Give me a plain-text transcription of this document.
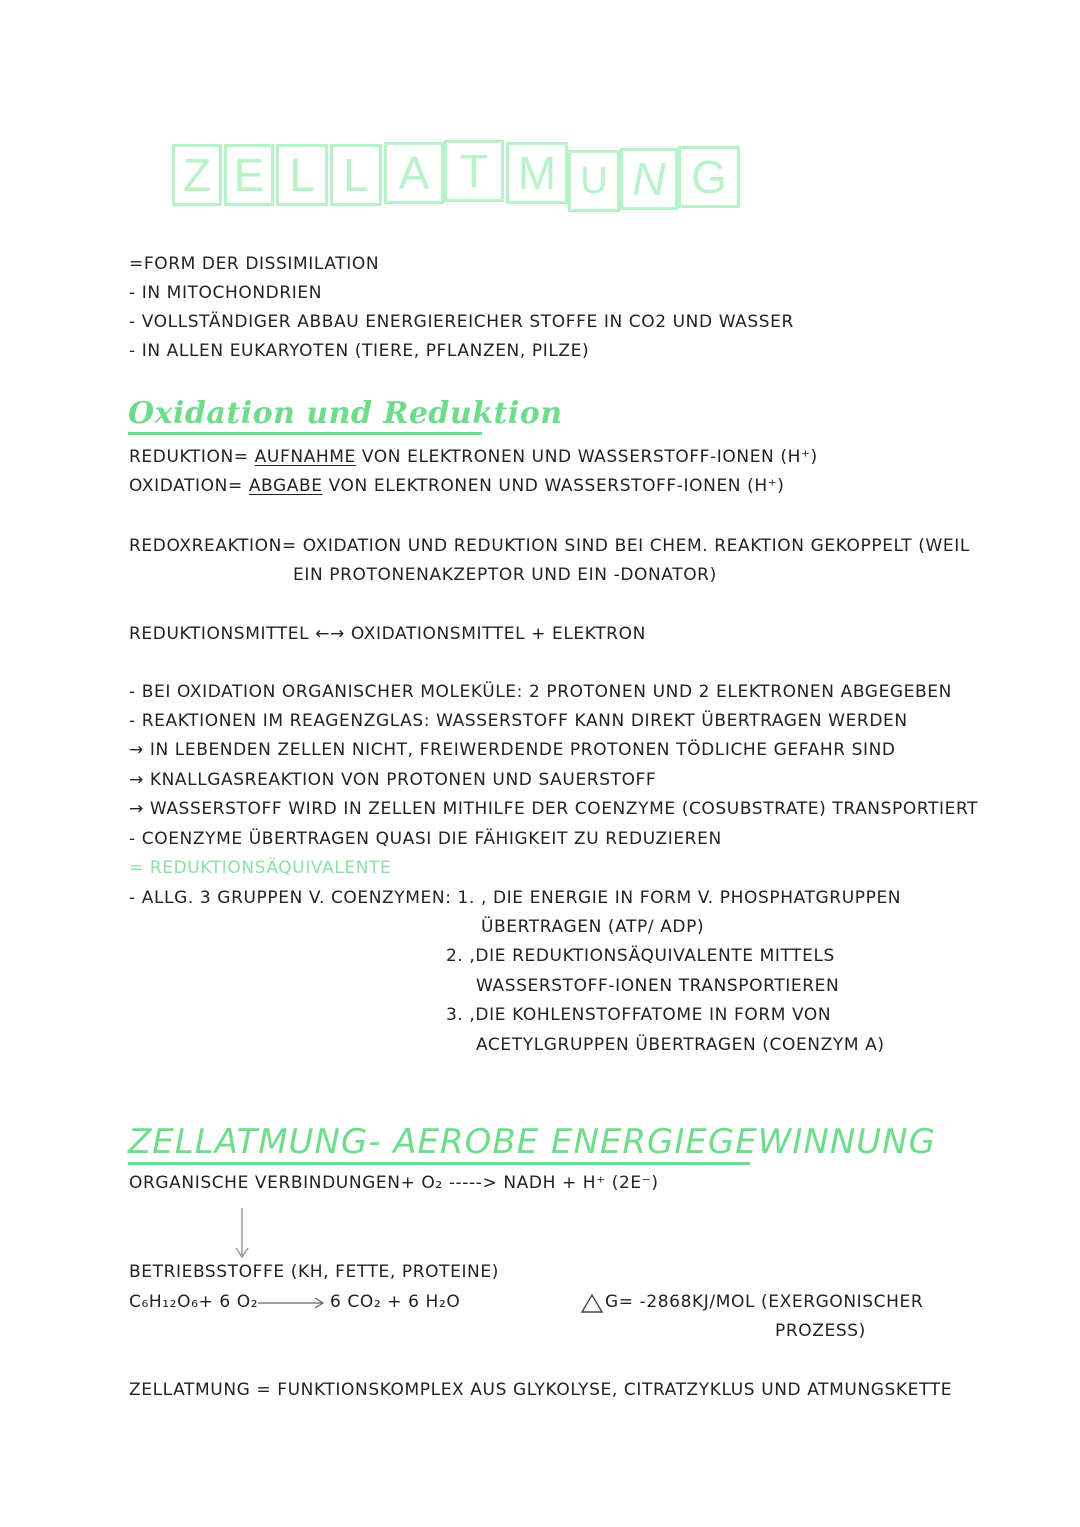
Z E L L A T M U N G
=FORM DER DISSIMILATION
- IN MITOCHONDRIEN
- VOLLSTÄNDIGER ABBAU ENERGIEREICHER STOFFE IN CO2 UND WASSER
- IN ALLEN EUKARYOTEN (TIERE, PFLANZEN, PILZE)
Oxidation und Reduktion
REDUKTION= AUFNAHME VON ELEKTRONEN UND WASSERSTOFF-IONEN (H⁺)
OXIDATION= ABGABE VON ELEKTRONEN UND WASSERSTOFF-IONEN (H⁺)
REDOXREAKTION= OXIDATION UND REDUKTION SIND BEI CHEM. REAKTION GEKOPPELT (WEIL
EIN PROTONENAKZEPTOR UND EIN -DONATOR)
REDUKTIONSMITTEL ←→ OXIDATIONSMITTEL + ELEKTRON
- BEI OXIDATION ORGANISCHER MOLEKÜLE: 2 PROTONEN UND 2 ELEKTRONEN ABGEGEBEN
- REAKTIONEN IM REAGENZGLAS: WASSERSTOFF KANN DIREKT ÜBERTRAGEN WERDEN
→ IN LEBENDEN ZELLEN NICHT, FREIWERDENDE PROTONEN TÖDLICHE GEFAHR SIND
→ KNALLGASREAKTION VON PROTONEN UND SAUERSTOFF
→ WASSERSTOFF WIRD IN ZELLEN MITHILFE DER COENZYME (COSUBSTRATE) TRANSPORTIERT
- COENZYME ÜBERTRAGEN QUASI DIE FÄHIGKEIT ZU REDUZIEREN
= REDUKTIONSÄQUIVALENTE
- ALLG. 3 GRUPPEN V. COENZYMEN: 1. , DIE ENERGIE IN FORM V. PHOSPHATGRUPPEN
ÜBERTRAGEN (ATP/ ADP)
2. ,DIE REDUKTIONSÄQUIVALENTE MITTELS
WASSERSTOFF-IONEN TRANSPORTIEREN
3. ,DIE KOHLENSTOFFATOME IN FORM VON
ACETYLGRUPPEN ÜBERTRAGEN (COENZYM A)
ZELLATMUNG- AEROBE ENERGIEGEWINNUNG
ORGANISCHE VERBINDUNGEN+ O₂ -----> NADH + H⁺ (2E⁻)
BETRIEBSSTOFFE (KH, FETTE, PROTEINE)
C₆H₁₂O₆+ 6 O₂	6 CO₂ + 6 H₂O	G= -2868KJ/MOL (EXERGONISCHER
PROZESS)
ZELLATMUNG = FUNKTIONSKOMPLEX AUS GLYKOLYSE, CITRATZYKLUS UND ATMUNGSKETTE
